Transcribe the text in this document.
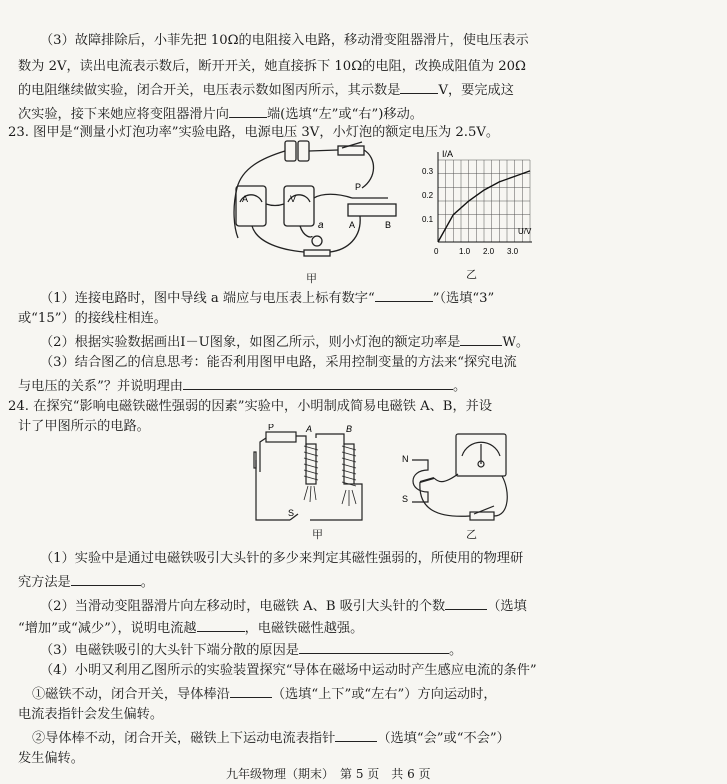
（3）故障排除后，小菲先把 10Ω的电阻接入电路，移动滑变阻器滑片，使电压表示
数为 2V，读出电流表示数后，断开开关，她直接拆下 10Ω的电阻，改换成阻值为 20Ω
的电阻继续做实验，闭合开关，电压表示数如图丙所示，其示数是	V，要完成这
次实验，接下来她应将变阻器滑片向	端(选填“左”或“右”)移动。
23. 图甲是“测量小灯泡功率”实验电路，电源电压 3V，小灯泡的额定电压为 2.5V。
V
A
a
P
A	B
甲
I/A
U/V
0.3
0.2
0.1
0	1.0 2.0 3.0
乙
（1）连接电路时，图中导线 a 端应与电压表上标有数字“	”（选填“3”
或“15”）的接线柱相连。
（2）根据实验数据画出I－U图象，如图乙所示，则小灯泡的额定功率是	W。
（3）结合图乙的信息思考：能否利用图甲电路，采用控制变量的方法来“探究电流
与电压的关系”？并说明理由	。
24. 在探究“影响电磁铁磁性强弱的因素”实验中，小明制成简易电磁铁 A、B，并设
计了甲图所示的电路。	P	A	B
S
甲
N
S
乙
（1）实验中是通过电磁铁吸引大头针的多少来判定其磁性强弱的，所使用的物理研
究方法是	。
（2）当滑动变阻器滑片向左移动时，电磁铁 A、B 吸引大头针的个数	（选填
“增加”或“减少”），说明电流越	，电磁铁磁性越强。
（3）电磁铁吸引的大头针下端分散的原因是	。
（4）小明又利用乙图所示的实验装置探究“导体在磁场中运动时产生感应电流的条件”
①磁铁不动，闭合开关，导体棒沿	（选填“上下”或“左右”）方向运动时，
电流表指针会发生偏转。
②导体棒不动，闭合开关，磁铁上下运动电流表指针	（选填“会”或“不会”）
发生偏转。
九年级物理（期末）　第 5 页　共 6 页
